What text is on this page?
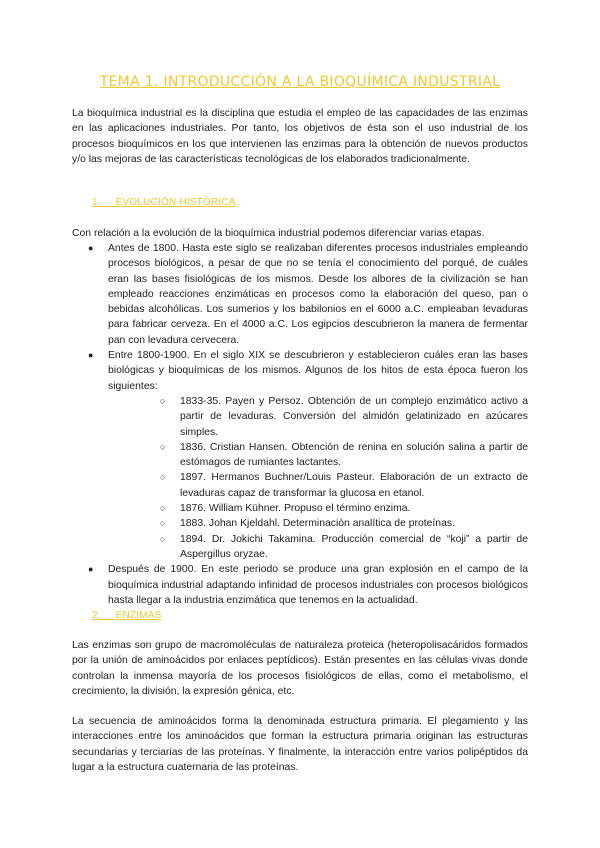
TEMA 1. INTRODUCCIÓN A LA BIOQUÍMICA INDUSTRIAL
La bioquímica industrial es la disciplina que estudia el empleo de las capacidades de las enzimas en las aplicaciones industriales. Por tanto, los objetivos de ésta son el uso industrial de los procesos bioquímicos en los que intervienen las enzimas para la obtención de nuevos productos y/o las mejoras de las características tecnológicas de los elaborados tradicionalmente.
1. EVOLUCIÓN HISTÓRICA
Con relación a la evolución de la bioquímica industrial podemos diferenciar varias etapas.
● Antes de 1800. Hasta este siglo se realizaban diferentes procesos industriales empleando procesos biológicos, a pesar de que no se tenía el conocimiento del porqué, de cuáles eran las bases fisiológicas de los mismos. Desde los albores de la civilización se han empleado reacciones enzimáticas en procesos como la elaboración del queso, pan o bebidas alcohólicas. Los sumerios y los babilonios en el 6000 a.C. empleaban levaduras para fabricar cerveza. En el 4000 a.C. Los egipcios descubrieron la manera de fermentar pan con levadura cervecera.
● Entre 1800-1900. En el siglo XIX se descubrieron y establecieron cuáles eran las bases biológicas y bioquímicas de los mismos. Algunos de los hitos de esta época fueron los siguientes:
○ 1833-35. Payen y Persoz. Obtención de un complejo enzimático activo a partir de levaduras. Conversión del almidón gelatinizado en azúcares simples.
○ 1836. Cristian Hansen. Obtención de renina en solución salina a partir de estómagos de rumiantes lactantes.
○ 1897. Hermanos Buchner/Louis Pasteur. Elaboración de un extracto de levaduras capaz de transformar la glucosa en etanol.
○ 1876. William Kühner. Propuso el término enzima.
○ 1883. Johan Kjeldahl. Determinación analítica de proteínas.
○ 1894. Dr. Jokichi Takamina. Producción comercial de “koji” a partir de Aspergillus oryzae.
● Después de 1900. En este periodo se produce una gran explosión en el campo de la bioquímica industrial adaptando infinidad de procesos industriales con procesos biológicos hasta llegar a la industria enzimática que tenemos en la actualidad.
2. ENZIMAS
Las enzimas son grupo de macromoléculas de naturaleza proteica (heteropolisacáridos formados por la unión de aminoácidos por enlaces peptídicos). Están presentes en las células vivas donde controlan la inmensa mayoría de los procesos fisiológicos de ellas, como el metabolismo, el crecimiento, la división, la expresión génica, etc.
La secuencia de aminoácidos forma la denominada estructura primaria. El plegamiento y las interacciones entre los aminoácidos que forman la estructura primaria originan las estructuras secundarias y terciarias de las proteínas. Y finalmente, la interacción entre varios polipéptidos da lugar a la estructura cuaternaria de las proteínas.
